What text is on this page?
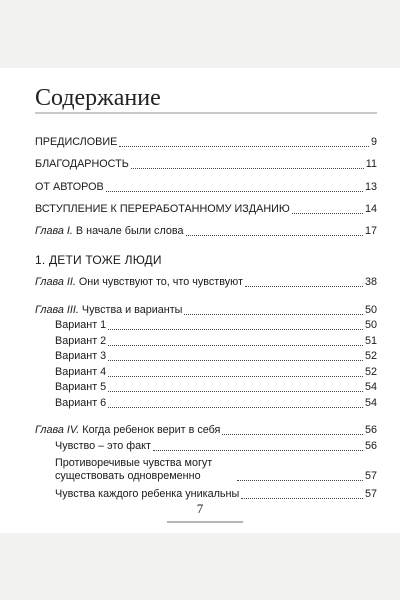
Содержание
ПРЕДИСЛОВИЕ	9
БЛАГОДАРНОСТЬ	11
ОТ АВТОРОВ	13
ВСТУПЛЕНИЕ К ПЕРЕРАБОТАННОМУ ИЗДАНИЮ	14
Глава I. В начале были слова	17
1. ДЕТИ ТОЖЕ ЛЮДИ
Глава II. Они чувствуют то, что чувствуют	38
Глава III. Чувства и варианты	50
Вариант 1	50
Вариант 2	51
Вариант 3	52
Вариант 4	52
Вариант 5	54
Вариант 6	54
Глава IV. Когда ребенок верит в себя	56
Чувство – это факт	56
Противоречивые чувства могут существовать одновременно	57
Чувства каждого ребенка уникальны	57
7
